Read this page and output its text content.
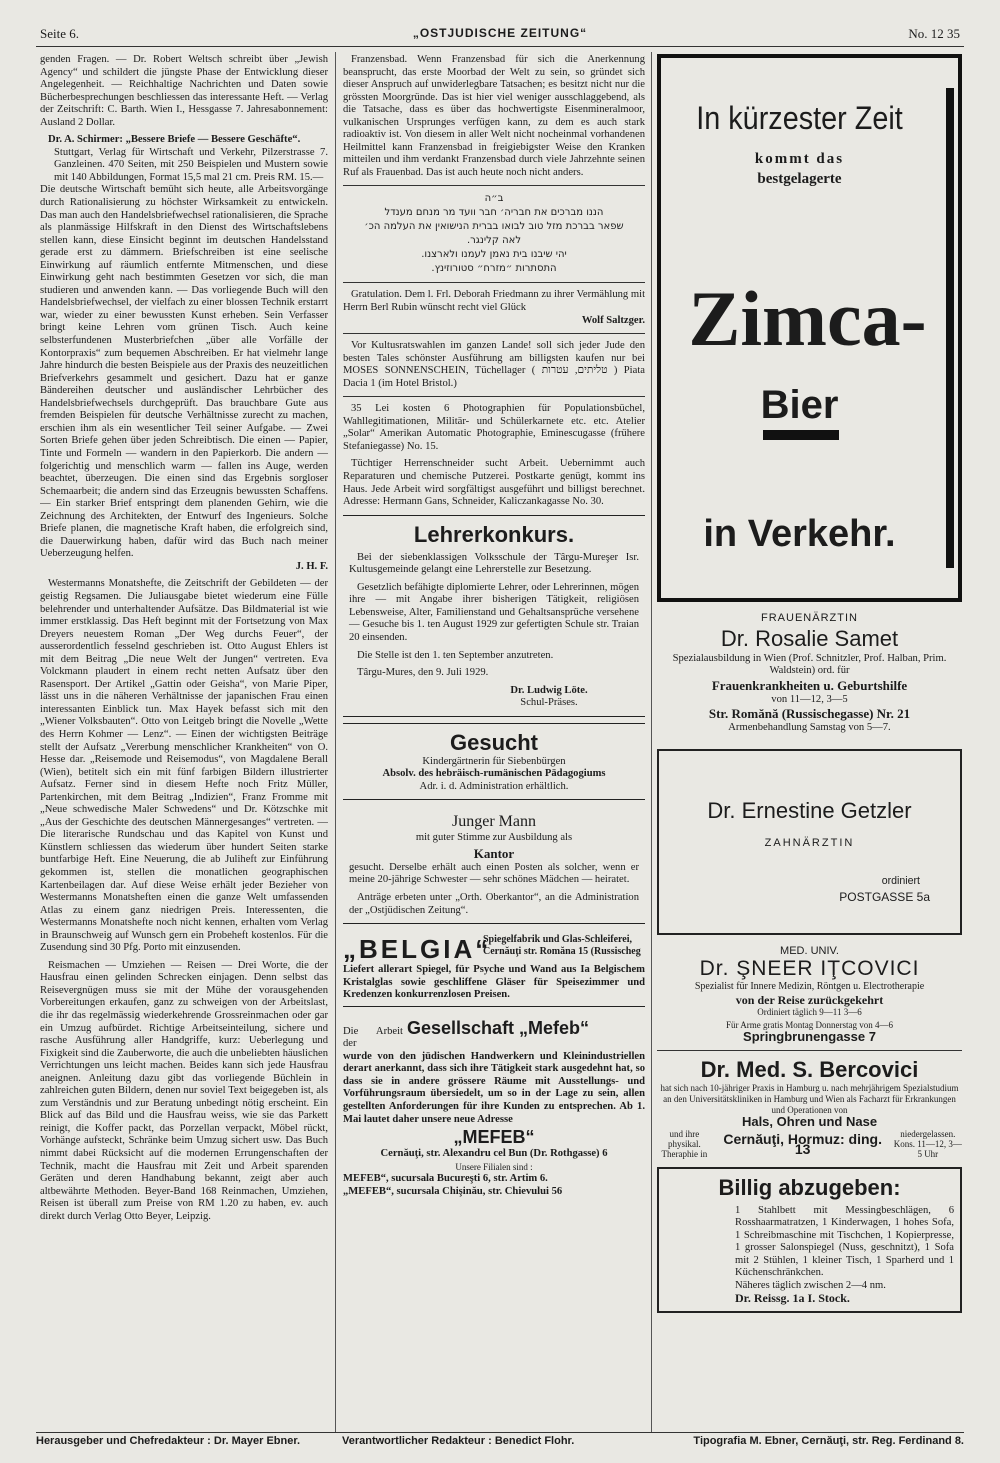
Seite 6.	„OSTJUDISCHE ZEITUNG“	No. 12 35

genden Fragen. — Dr. Robert Weltsch schreibt über „Jewish Agency“ und schildert die jüngste Phase der Entwicklung dieser Angelegenheit. — Reichhaltige Nachrichten und Daten sowie Bücherbesprechungen beschliessen das interessante Heft. — Verlag der Zeitschrift: C. Barth. Wien I., Hessgasse 7. Jahresabonnement: Ausland 2 Dollar.

Dr. A. Schirmer: „Bessere Briefe — Bessere Geschäfte“.

Stuttgart, Verlag für Wirtschaft und Verkehr, Pilzerstrasse 7. Ganzleinen. 470 Seiten, mit 250 Beispielen und Mustern sowie mit 140 Abbildungen, Format 15,5 mal 21 cm. Preis RM. 15.—

Die deutsche Wirtschaft bemüht sich heute, alle Arbeitsvorgänge durch Rationalisierung zu höchster Wirksamkeit zu entwickeln. Das man auch den Handelsbriefwechsel rationalisieren, die Sprache als planmässige Hilfskraft in den Dienst des Wirtschaftslebens stellen kann, diese Einsicht beginnt im deutschen Handelsstand gerade erst zu dämmern. Briefschreiben ist eine seelische Einwirkung auf räumlich entfernte Mitmenschen, und diese Einwirkung geht nach bestimmten Gesetzen vor sich, die man studieren und anwenden kann. — Das vorliegende Buch will den Handelsbriefwechsel, der vielfach zu einer blossen Technik erstarrt war, wieder zu einer bewussten Kunst erheben. Sein Verfasser bringt keine Lehren vom grünen Tisch. Auch keine selbsterfundenen Musterbriefchen „über alle Vorfälle der Kontorpraxis“ zum bequemen Abschreiben. Er hat vielmehr lange Jahre hindurch die besten Beispiele aus der Praxis des neuzeitlichen Briefverkehrs gesammelt und gesichert. Dazu hat er ganze Bändereihen deutscher und ausländischer Lehrbücher des Handelsbriefwechsels durchgeprüft. Das brauchbare Gute aus fremden Beispielen für deutsche Verhältnisse zurecht zu machen, erschien ihm als ein wesentlicher Teil seiner Aufgabe. — Zwei Sorten Briefe gehen über jeden Schreibtisch. Die einen — Papier, Tinte und Formeln — wandern in den Papierkorb. Die andern — folgerichtig und menschlich warm — fallen ins Auge, werden beachtet, überzeugen. Die einen sind das Ergebnis sorgloser Schemaarbeit; die andern sind das Erzeugnis bewussten Schaffens. — Ein starker Brief entspringt dem planenden Gehirn, wie die Zeichnung des Architekten, der Entwurf des Ingenieurs. Solche Briefe planen, die magnetische Kraft haben, die erfolgreich sind, die Dauerwirkung haben, dafür wird das Buch nach meiner Ueberzeugung helfen.

J. H. F.

Westermanns Monatshefte, die Zeitschrift der Gebildeten — der geistig Regsamen. Die Juliausgabe bietet wiederum eine Fülle belehrender und unterhaltender Aufsätze. Das Bildmaterial ist wie immer erstklassig. Das Heft beginnt mit der Fortsetzung von Max Dreyers neuestem Roman „Der Weg durchs Feuer“, der ausserordentlich fesselnd geschrieben ist. Otto August Ehlers ist mit dem Beitrag „Die neue Welt der Jungen“ vertreten. Eva Volckmann plaudert in einem recht netten Aufsatz über den Rasensport. Der Artikel „Gattin oder Geisha“, von Marie Piper, lässt uns in die näheren Verhältnisse der japanischen Frau einen interessanten Einblick tun. Max Hayek befasst sich mit den „Wiener Volksbauten“. Otto von Leitgeb bringt die Novelle „Wette des Herrn Kohmer — Lenz“. — Einen der wichtigsten Beiträge stellt der Aufsatz „Vererbung menschlicher Krankheiten“ von O. Hesse dar. „Reisemode und Reisemodus“, von Magdalene Berall (Wien), betitelt sich ein mit fünf farbigen Bildern illustrierter Aufsatz. Ferner sind in diesem Hefte noch Fritz Müller, Partenkirchen, mit dem Beitrag „Indizien“, Franz Fromme mit „Neue schwedische Maler Schwedens“ und Dr. Kötzschke mit „Aus der Geschichte des deutschen Männergesanges“ vertreten. — Die literarische Rundschau und das Kapitel von Kunst und Künstlern schliessen das wiederum über hundert Seiten starke buntfarbige Heft. Eine Neuerung, die ab Juliheft zur Einführung gekommen ist, stellen die monatlichen geographischen Kartenbeilagen dar. Auf diese Weise erhält jeder Bezieher von Westermanns Monatsheften einen die ganze Welt umfassenden Atlas zu einem ganz niedrigen Preis. Interessenten, die Westermanns Monatshefte noch nicht kennen, erhalten vom Verlag in Braunschweig auf Wunsch gern ein Probeheft kostenlos. Für die Zusendung sind 30 Pfg. Porto mit einzusenden.

Reismachen — Umziehen — Reisen — Drei Worte, die der Hausfrau einen gelinden Schrecken einjagen. Denn selbst das Reisevergnügen muss sie mit der Mühe der vorausgehenden Vorbereitungen erkaufen, ganz zu schweigen von der Arbeitslast, die ihr das regelmässig wiederkehrende Grossreinmachen oder gar ein Umzug aufbürdet. Richtige Arbeitseinteilung, sichere und rasche Ausführung aller Handgriffe, kurz: Ueberlegung und Fixigkeit sind die Zauberworte, die auch die unbeliebten häuslichen Verrichtungen uns leicht machen. Beides kann sich jede Hausfrau aneignen. Anleitung dazu gibt das vorliegende Büchlein in zahlreichen guten Bildern, denen nur soviel Text beigegeben ist, als zum Verständnis und zur Beratung unbedingt nötig erscheint. Ein Blick auf das Bild und die Hausfrau weiss, wie sie das Parkett reinigt, die Koffer packt, das Porzellan verpackt, Möbel rückt, Vorhänge aufsteckt, Schränke beim Umzug sichert usw. Das Buch nimmt dabei Rücksicht auf die modernen Errungenschaften der Technik, macht die Hausfrau mit Zeit und Arbeit sparenden Geräten und deren Handhabung bekannt, zeigt aber auch altbewährte Methoden. Beyer-Band 168 Reinmachen, Umziehen, Reisen ist überall zum Preise von RM 1.20 zu haben, ev. auch direkt durch Verlag Otto Beyer, Leipzig.

Franzensbad. Wenn Franzensbad für sich die Anerkennung beansprucht, das erste Moorbad der Welt zu sein, so gründet sich dieser Anspruch auf unwiderlegbare Tatsachen; es besitzt nicht nur die grössten Moorgründe. Das ist hier viel weniger ausschlaggebend, als die Tatsache, dass es über das hochwertigste Eisenmineralmoor, vulkanischen Ursprunges verfügen kann, zu dem es auch stark radioaktiv ist. Von diesem in aller Welt nicht nocheinmal vorhandenen Heilmittel kann Franzensbad in freigiebigster Weise den Kranken mitteilen und ihm verdankt Franzensbad durch viele Jahrzehnte seinen Ruf als Frauenbad. Das ist auch heute noch nicht anders.

ב״ה
הננו מברכים את חבריה׳ חבר וועד מר מנחם מענדל
שפאר בברכת מזל טוב לבואו בברית הנישואין את העלמה הכ׳
לאה קלינגר.
יהי שיבנו בית נאמן לעמנו ולארצנו.
התסתרות ״מזרח״ סטורוזינץ.

Gratulation. Dem l. Frl. Deborah Friedmann zu ihrer Vermählung mit Herrn Berl Rubin wünscht recht viel Glück

Wolf Saltzger.

Vor Kultusratswahlen im ganzen Lande! soll sich jeder Jude den besten Tales schönster Ausführung am billigsten kaufen nur bei MOSES SONNENSCHEIN, Tüchellager ( טליתים, עטרות ) Piata Dacia 1 (im Hotel Bristol.)

35 Lei kosten 6 Photographien für Populationsbüchel, Wahllegitimationen, Militär- und Schülerkarnete etc. etc. Atelier „Solar“ Amerikan Automatic Photographie, Eminescugasse (frühere Stefaniegasse) No. 15.

Tüchtiger Herrenschneider sucht Arbeit. Uebernimmt auch Reparaturen und chemische Putzerei. Postkarte genügt, kommt ins Haus. Jede Arbeit wird sorgfältigst ausgeführt und billigst berechnet. Adresse: Hermann Gans, Schneider, Kaliczankagasse No. 30.

Lehrerkonkurs.

Bei der siebenklassigen Volksschule der Târgu-Mureşer Isr. Kultusgemeinde gelangt eine Lehrerstelle zur Besetzung.

Gesetzlich befähigte diplomierte Lehrer, oder Lehrerinnen, mögen ihre — mit Angabe ihrer bisherigen Tätigkeit, religiösen Lebensweise, Alter, Familienstand und Gehaltsansprüche versehene — Gesuche bis 1. ten August 1929 zur gefertigten Schule str. Traian 20 einsenden.

Die Stelle ist den 1. ten September anzutreten.

Târgu-Mures, den 9. Juli 1929.

Dr. Ludwig Löte.
Schul-Präses.
Gesucht
Kindergärtnerin für Siebenbürgen
Absolv. des hebräisch-rumänischen Pädagogiums
Adr. i. d. Administration erhältlich.
Junger Mann
mit guter Stimme zur Ausbildung als
Kantor

gesucht. Derselbe erhält auch einen Posten als solcher, wenn er meine 20-jährige Schwester — sehr schönes Mädchen — heiratet.

Anträge erbeten unter „Orth. Oberkantor“, an die Administration der „Ostjüdischen Zeitung“.

„BELGIA“
Spiegelfabrik und Glas-Schleiferei, Cernăuţi str. Romăna 15 (Russischeg
Liefert allerart Spiegel, für Psyche und Wand aus Ia Belgischem Kristalglas sowie geschliffene Gläser für Speisezimmer und Kredenzen konkurrenzlosen Preisen.
Die Arbeit der
Gesellschaft „Mefeb“
wurde von den jüdischen Handwerkern und Kleinindustriellen derart anerkannt, dass sich ihre Tätigkeit stark ausgedehnt hat, so dass sie in andere grössere Räume mit Ausstellungs- und Vorführungsraum übersiedelt, um so in der Lage zu sein, allen gestellten Anforderungen für ihre Kunden zu entsprechen. Ab 1. Mai lautet daher unsere neue Adresse
„MEFEB“
Cernăuţi, str. Alexandru cel Bun (Dr. Rothgasse) 6
Unsere Filialen sind :
MEFEB“, sucursala Bucureşti 6, str. Artim 6.
„MEFEB“, sucursala Chişinău, str. Chievului 56
In kürzester Zeit
kommt das
bestgelagerte
Zimca-
Bier
in Verkehr.
FRAUENÄRZTIN
Dr. Rosalie Samet
Spezialausbildung in Wien (Prof. Schnitzler, Prof. Halban, Prim. Waldstein) ord. für
Frauenkrankheiten u. Geburtshilfe
von 11—12, 3—5
Str. Romănă (Russischegasse) Nr. 21
Armenbehandlung Samstag von 5—7.
Dr. Ernestine Getzler
ZAHNÄRZTIN
ordiniert
POSTGASSE 5a
MED. UNIV.
Dr. ŞNEER IŢCOVICI
Spezialist für Innere Medizin, Röntgen u. Electrotherapie
von der Reise zurückgekehrt
Ordiniert täglich 9—11 3—6
Für Arme gratis Montag Donnerstag von 4—6
Springbrunengasse 7
Dr. Med. S. Bercovici
hat sich nach 10-jähriger Praxis in Hamburg u. nach mehrjährigem Spezialstudium an den Universitätskliniken in Hamburg und Wien als Facharzt für Erkrankungen und Operationen von
Hals, Ohren und Nase
und ihre physikal. Theraphie in
Cernăuţi, Hormuz: ding. 13
niedergelassen. Kons. 11—12, 3—5 Uhr
Billig abzugeben:
1 Stahlbett mit Messingbeschlägen, 6 Rosshaarmatratzen, 1 Kinderwagen, 1 hohes Sofa, 1 Schreibmaschine mit Tischchen, 1 Kopierpresse, 1 grosser Salonspiegel (Nuss, geschnitzt), 1 Sofa mit 2 Stühlen, 1 kleiner Tisch, 1 Sparherd und 1 Küchenschränkchen.
Näheres täglich zwischen 2—4 nm.
Dr. Reissg. 1a I. Stock.
Herausgeber und Chefredakteur : Dr. Mayer Ebner.	Verantwortlicher Redakteur : Benedict Flohr.	Tipografia M. Ebner, Cernăuţi, str. Reg. Ferdinand 8.
